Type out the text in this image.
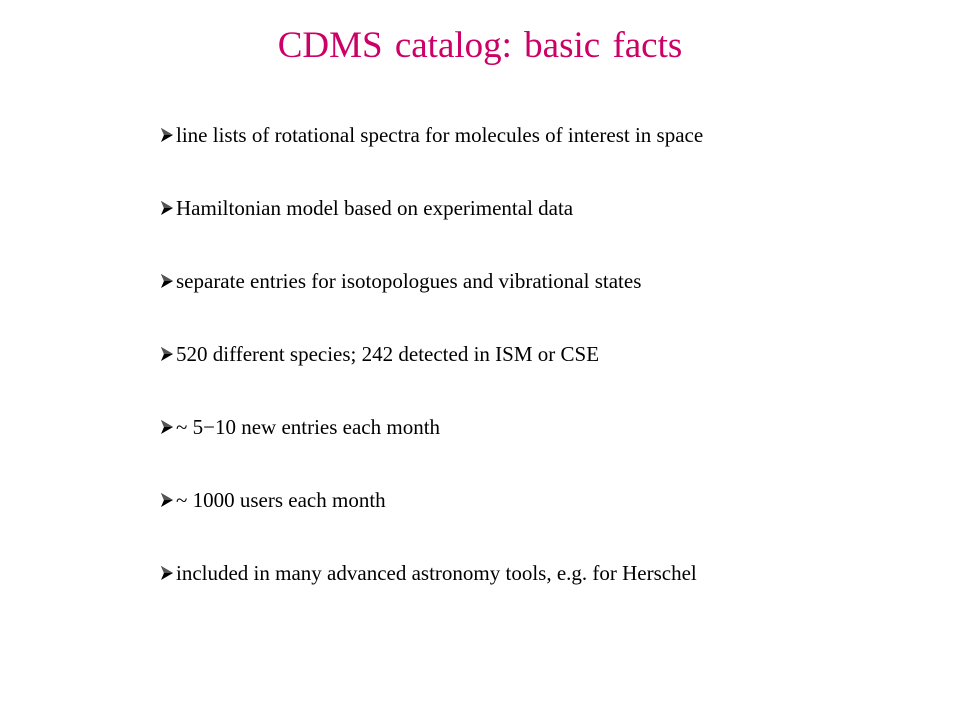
CDMS catalog: basic facts
line lists of rotational spectra for molecules of interest in space
Hamiltonian model based on experimental data
separate entries for isotopologues and vibrational states
520 different species; 242 detected in ISM or CSE
~ 5−10 new entries each month
~ 1000 users each month
included in many advanced astronomy tools, e.g. for Herschel
